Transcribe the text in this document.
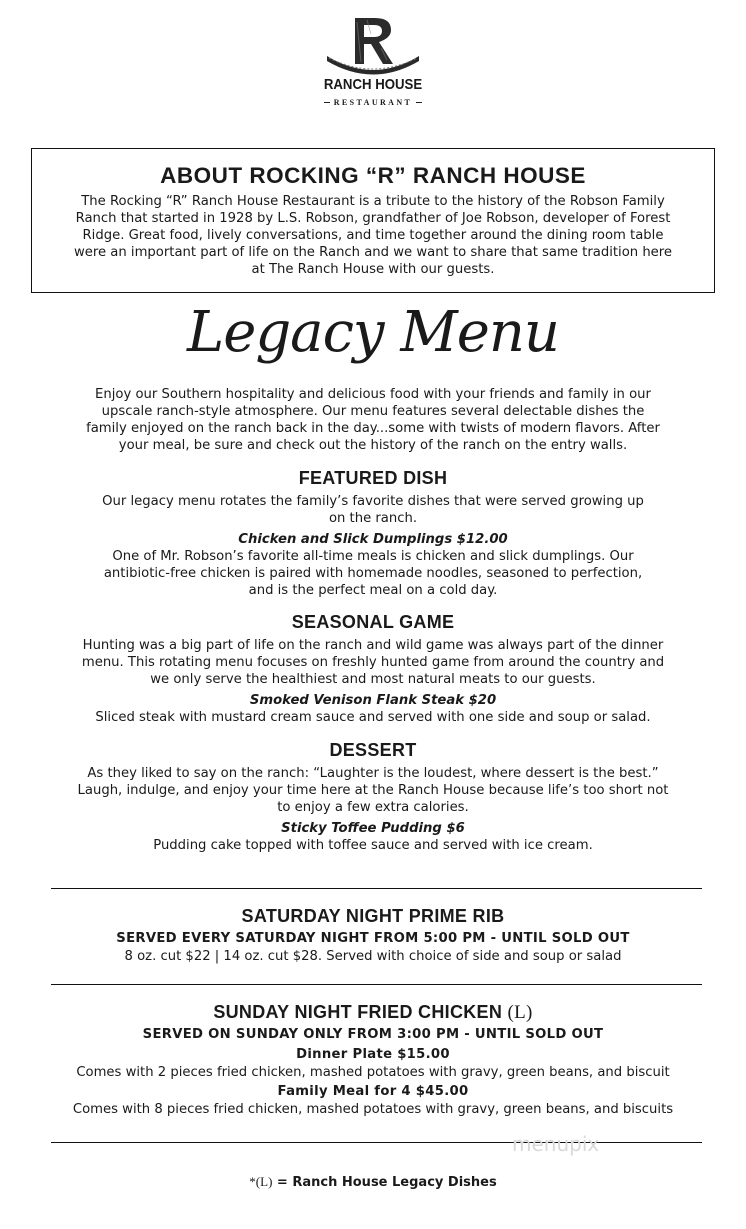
RANCH HOUSE
RESTAURANT
ABOUT ROCKING “R” RANCH HOUSE

The Rocking “R” Ranch House Restaurant is a tribute to the history of the Robson Family
Ranch that started in 1928 by L.S. Robson, grandfather of Joe Robson, developer of Forest
Ridge. Great food, lively conversations, and time together around the dining room table
were an important part of life on the Ranch and we want to share that same tradition here
at The Ranch House with our guests.

Legacy Menu
Enjoy our Southern hospitality and delicious food with your friends and family in our
upscale ranch-style atmosphere. Our menu features several delectable dishes the
family enjoyed on the ranch back in the day...some with twists of modern flavors. After
your meal, be sure and check out the history of the ranch on the entry walls.
FEATURED DISH

Our legacy menu rotates the family’s favorite dishes that were served growing up
on the ranch.

Chicken and Slick Dumplings $12.00

One of Mr. Robson’s favorite all-time meals is chicken and slick dumplings. Our
antibiotic-free chicken is paired with homemade noodles, seasoned to perfection,
and is the perfect meal on a cold day.

SEASONAL GAME

Hunting was a big part of life on the ranch and wild game was always part of the dinner
menu. This rotating menu focuses on freshly hunted game from around the country and
we only serve the healthiest and most natural meats to our guests.

Smoked Venison Flank Steak $20

Sliced steak with mustard cream sauce and served with one side and soup or salad.

DESSERT

As they liked to say on the ranch: “Laughter is the loudest, where dessert is the best.”
Laugh, indulge, and enjoy your time here at the Ranch House because life’s too short not
to enjoy a few extra calories.

Sticky Toffee Pudding $6

Pudding cake topped with toffee sauce and served with ice cream.

SATURDAY NIGHT PRIME RIB
SERVED EVERY SATURDAY NIGHT FROM 5:00 PM - UNTIL SOLD OUT

8 oz. cut $22 | 14 oz. cut $28. Served with choice of side and soup or salad

SUNDAY NIGHT FRIED CHICKEN (L)
SERVED ON SUNDAY ONLY FROM 3:00 PM - UNTIL SOLD OUT
Dinner Plate $15.00

Comes with 2 pieces fried chicken, mashed potatoes with gravy, green beans, and biscuit

Family Meal for 4 $45.00

Comes with 8 pieces fried chicken, mashed potatoes with gravy, green beans, and biscuits

menupix
*(L) = Ranch House Legacy Dishes
